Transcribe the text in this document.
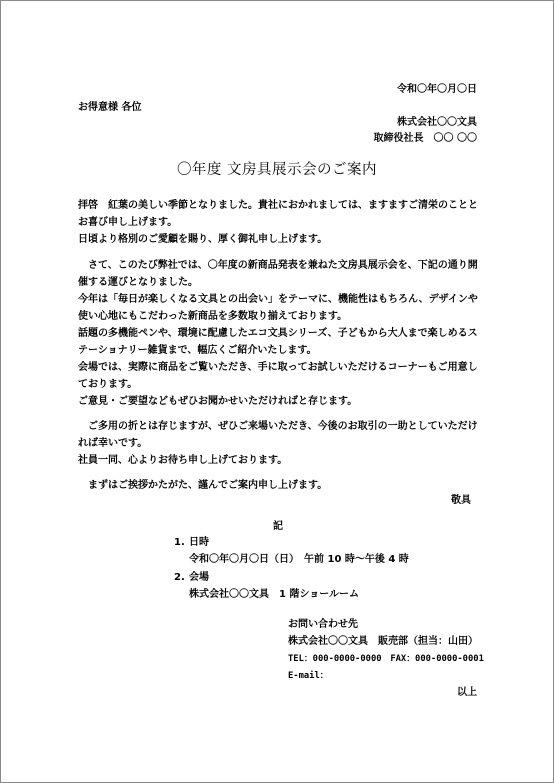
令和〇年〇月〇日
お得意様 各位
株式会社〇〇文具
取締役社長　〇〇 〇〇
〇年度 文房具展示会のご案内
拝啓　紅葉の美しい季節となりました。貴社におかれましては、ますますご清栄のことと
お喜び申し上げます。
日頃より格別のご愛顧を賜り、厚く御礼申し上げます。
　さて、このたび弊社では、〇年度の新商品発表を兼ねた文房具展示会を、下記の通り開
催する運びとなりました。
今年は「毎日が楽しくなる文具との出会い」をテーマに、機能性はもちろん、デザインや
使い心地にもこだわった新商品を多数取り揃えております。
話題の多機能ペンや、環境に配慮したエコ文具シリーズ、子どもから大人まで楽しめるス
テーショナリー雑貨まで、幅広くご紹介いたします。
会場では、実際に商品をご覧いただき、手に取ってお試しいただけるコーナーもご用意し
ております。
ご意見・ご要望などもぜひお聞かせいただければと存じます。
　ご多用の折とは存じますが、ぜひご来場いただき、今後のお取引の一助としていただけ
れば幸いです。
社員一同、心よりお待ち申し上げております。
　まずはご挨拶かたがた、謹んでご案内申し上げます。
敬具
記
1. 日時
令和〇年〇月〇日（日）　午前 10 時～午後 4 時
2. 会場
株式会社〇〇文具　1 階ショールーム
お問い合わせ先
株式会社〇〇文具　販売部（担当：山田）
TEL：000-0000-0000　FAX：000-0000-0001
E-mail：
以上
